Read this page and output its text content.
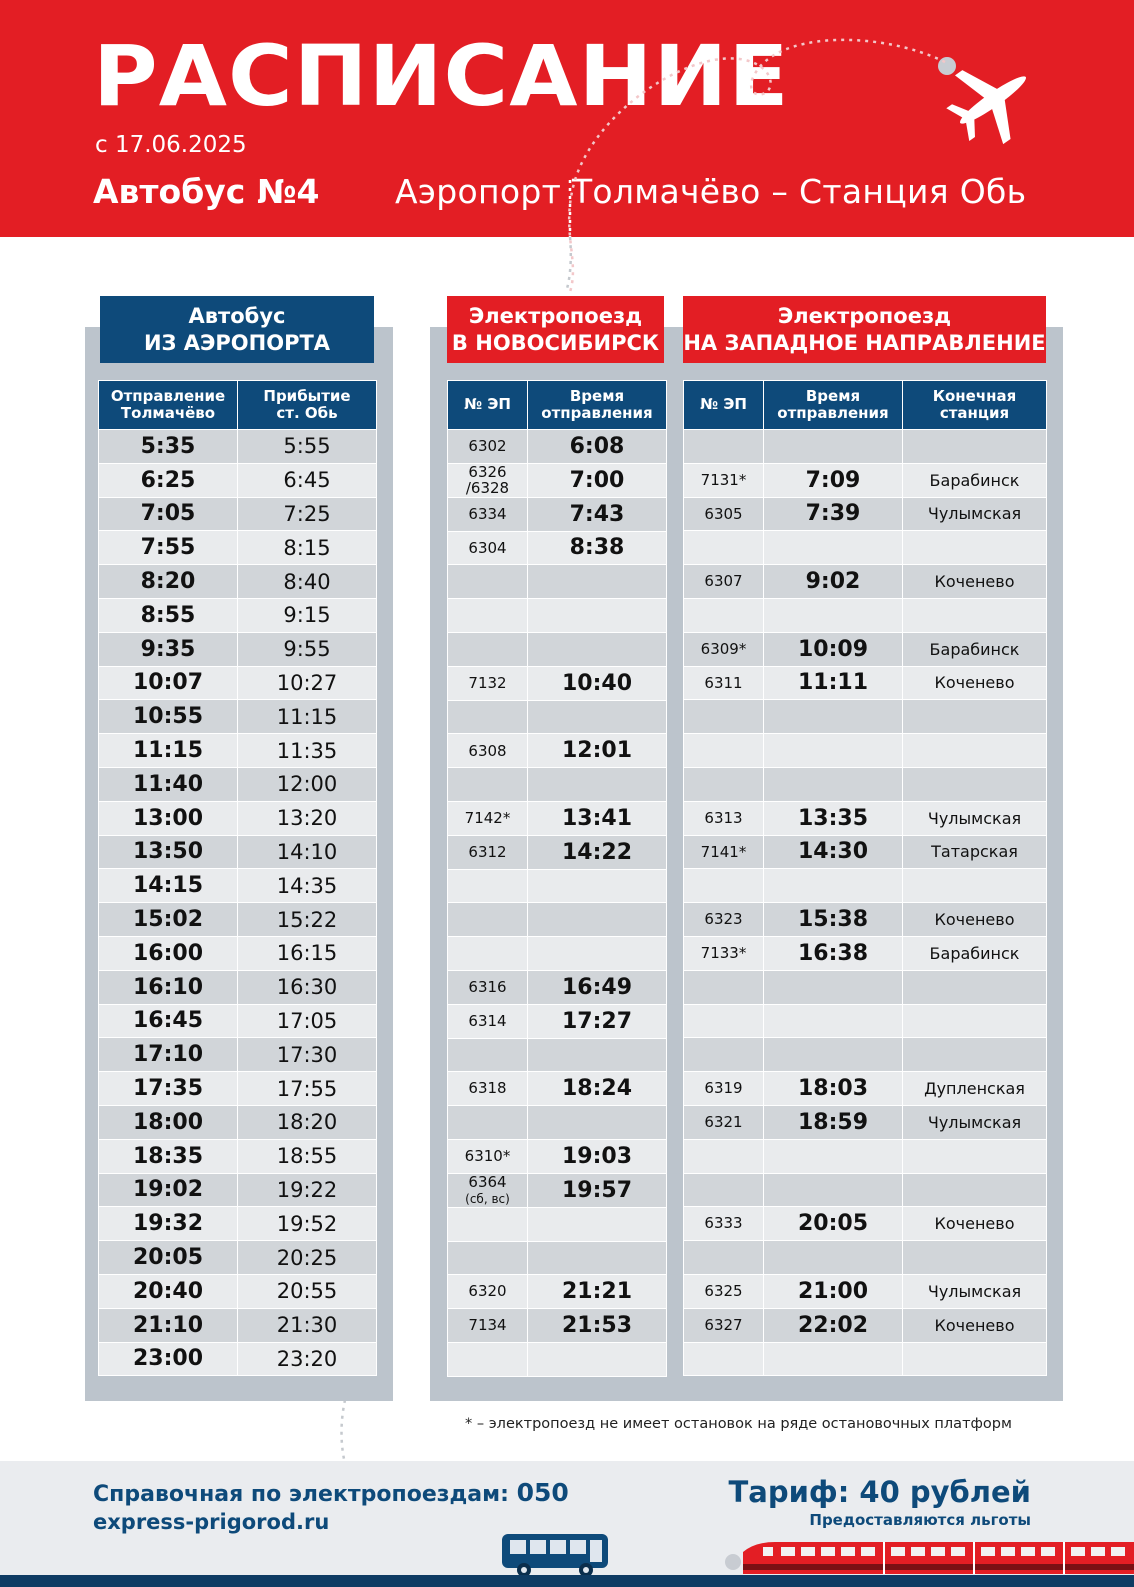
РАСПИСАНИЕ
с 17.06.2025
Автобус №4 Аэропорт Толмачёво – Станция Обь
Автобус
ИЗ АЭРОПОРТА
Отправление
Толмачёво	Прибытие
ст. Обь
5:35	5:55
6:25	6:45
7:05	7:25
7:55	8:15
8:20	8:40
8:55	9:15
9:35	9:55
10:07	10:27
10:55	11:15
11:15	11:35
11:40	12:00
13:00	13:20
13:50	14:10
14:15	14:35
15:02	15:22
16:00	16:15
16:10	16:30
16:45	17:05
17:10	17:30
17:35	17:55
18:00	18:20
18:35	18:55
19:02	19:22
19:32	19:52
20:05	20:25
20:40	20:55
21:10	21:30
23:00	23:20
Электропоезд
В НОВОСИБИРСК
№ ЭП	Время
отправления
6302	6:08
6326
/6328	7:00
6334	7:43
6304	8:38

7132	10:40

6308	12:01

7142*	13:41
6312	14:22

6316	16:49
6314	17:27

6318	18:24

6310*	19:03
6364
(сб, вс)	19:57

6320	21:21
7134	21:53

Электропоезд
НА ЗАПАДНОЕ НАПРАВЛЕНИЕ
№ ЭП	Время
отправления	Конечная
станция

7131*	7:09	Барабинск
6305	7:39	Чулымская

6307	9:02	Коченево

6309*	10:09	Барабинск
6311	11:11	Коченево

6313	13:35	Чулымская
7141*	14:30	Татарская

6323	15:38	Коченево
7133*	16:38	Барабинск

6319	18:03	Дупленская
6321	18:59	Чулымская

6333	20:05	Коченево

6325	21:00	Чулымская
6327	22:02	Коченево

* – электропоезд не имеет остановок на ряде остановочных платформ
Справочная по электропоездам: 050
express-prigorod.ru
Тариф: 40 рублей
Предоставляются льготы
